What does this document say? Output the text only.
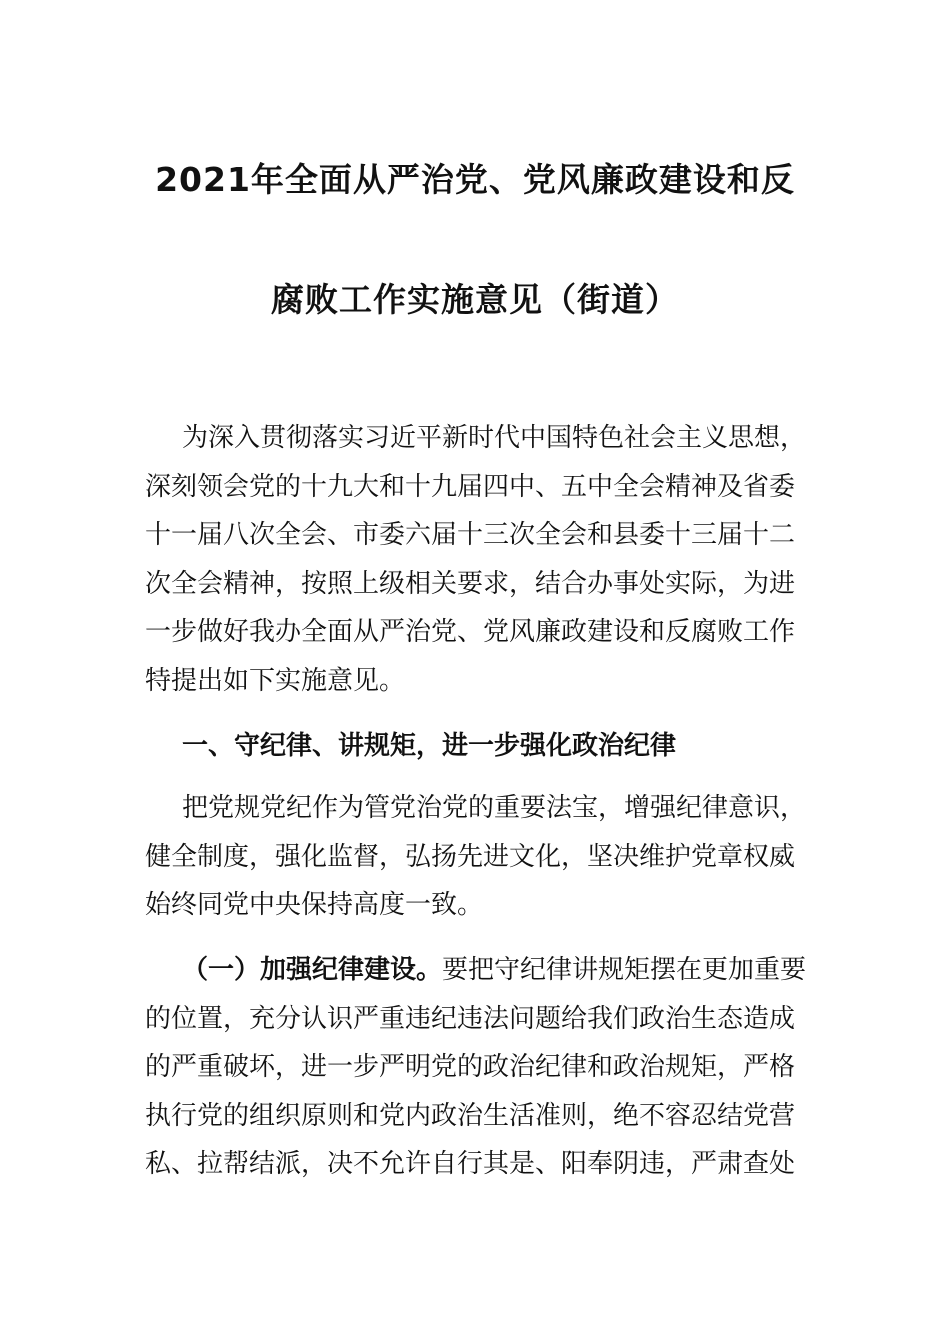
2021年全面从严治党、党风廉政建设和反
腐败工作实施意见（街道）
为深入贯彻落实习近平新时代中国特色社会主义思想，
深刻领会党的十九大和十九届四中、五中全会精神及省委
十一届八次全会、市委六届十三次全会和县委十三届十二
次全会精神，按照上级相关要求，结合办事处实际，为进
一步做好我办全面从严治党、党风廉政建设和反腐败工作
特提出如下实施意见。
一、守纪律、讲规矩，进一步强化政治纪律
把党规党纪作为管党治党的重要法宝，增强纪律意识，
健全制度，强化监督，弘扬先进文化，坚决维护党章权威
始终同党中央保持高度一致。
（一）加强纪律建设。要把守纪律讲规矩摆在更加重要
的位置，充分认识严重违纪违法问题给我们政治生态造成
的严重破坏，进一步严明党的政治纪律和政治规矩，严格
执行党的组织原则和党内政治生活准则，绝不容忍结党营
私、拉帮结派，决不允许自行其是、阳奉阴违，严肃查处
